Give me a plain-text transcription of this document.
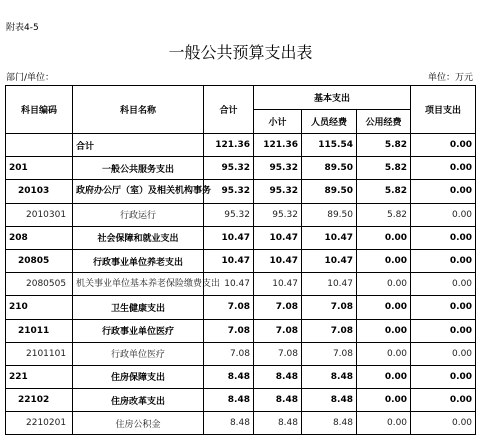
附表4-5
一般公共预算支出表
部门/单位：	单位：万元
科目编码	科目名称	合计	基本支出			项目支出
			小计	人员经费	公用经费	
	合计	121.36	121.36	115.54	5.82	0.00
201	一般公共服务支出	95.32	95.32	89.50	5.82	0.00
20103	政府办公厅（室）及相关机构事务	95.32	95.32	89.50	5.82	0.00
2010301	行政运行	95.32	95.32	89.50	5.82	0.00
208	社会保障和就业支出	10.47	10.47	10.47	0.00	0.00
20805	行政事业单位养老支出	10.47	10.47	10.47	0.00	0.00
2080505	机关事业单位基本养老保险缴费支出	10.47	10.47	10.47	0.00	0.00
210	卫生健康支出	7.08	7.08	7.08	0.00	0.00
21011	行政事业单位医疗	7.08	7.08	7.08	0.00	0.00
2101101	行政单位医疗	7.08	7.08	7.08	0.00	0.00
221	住房保障支出	8.48	8.48	8.48	0.00	0.00
22102	住房改革支出	8.48	8.48	8.48	0.00	0.00
2210201	住房公积金	8.48	8.48	8.48	0.00	0.00
